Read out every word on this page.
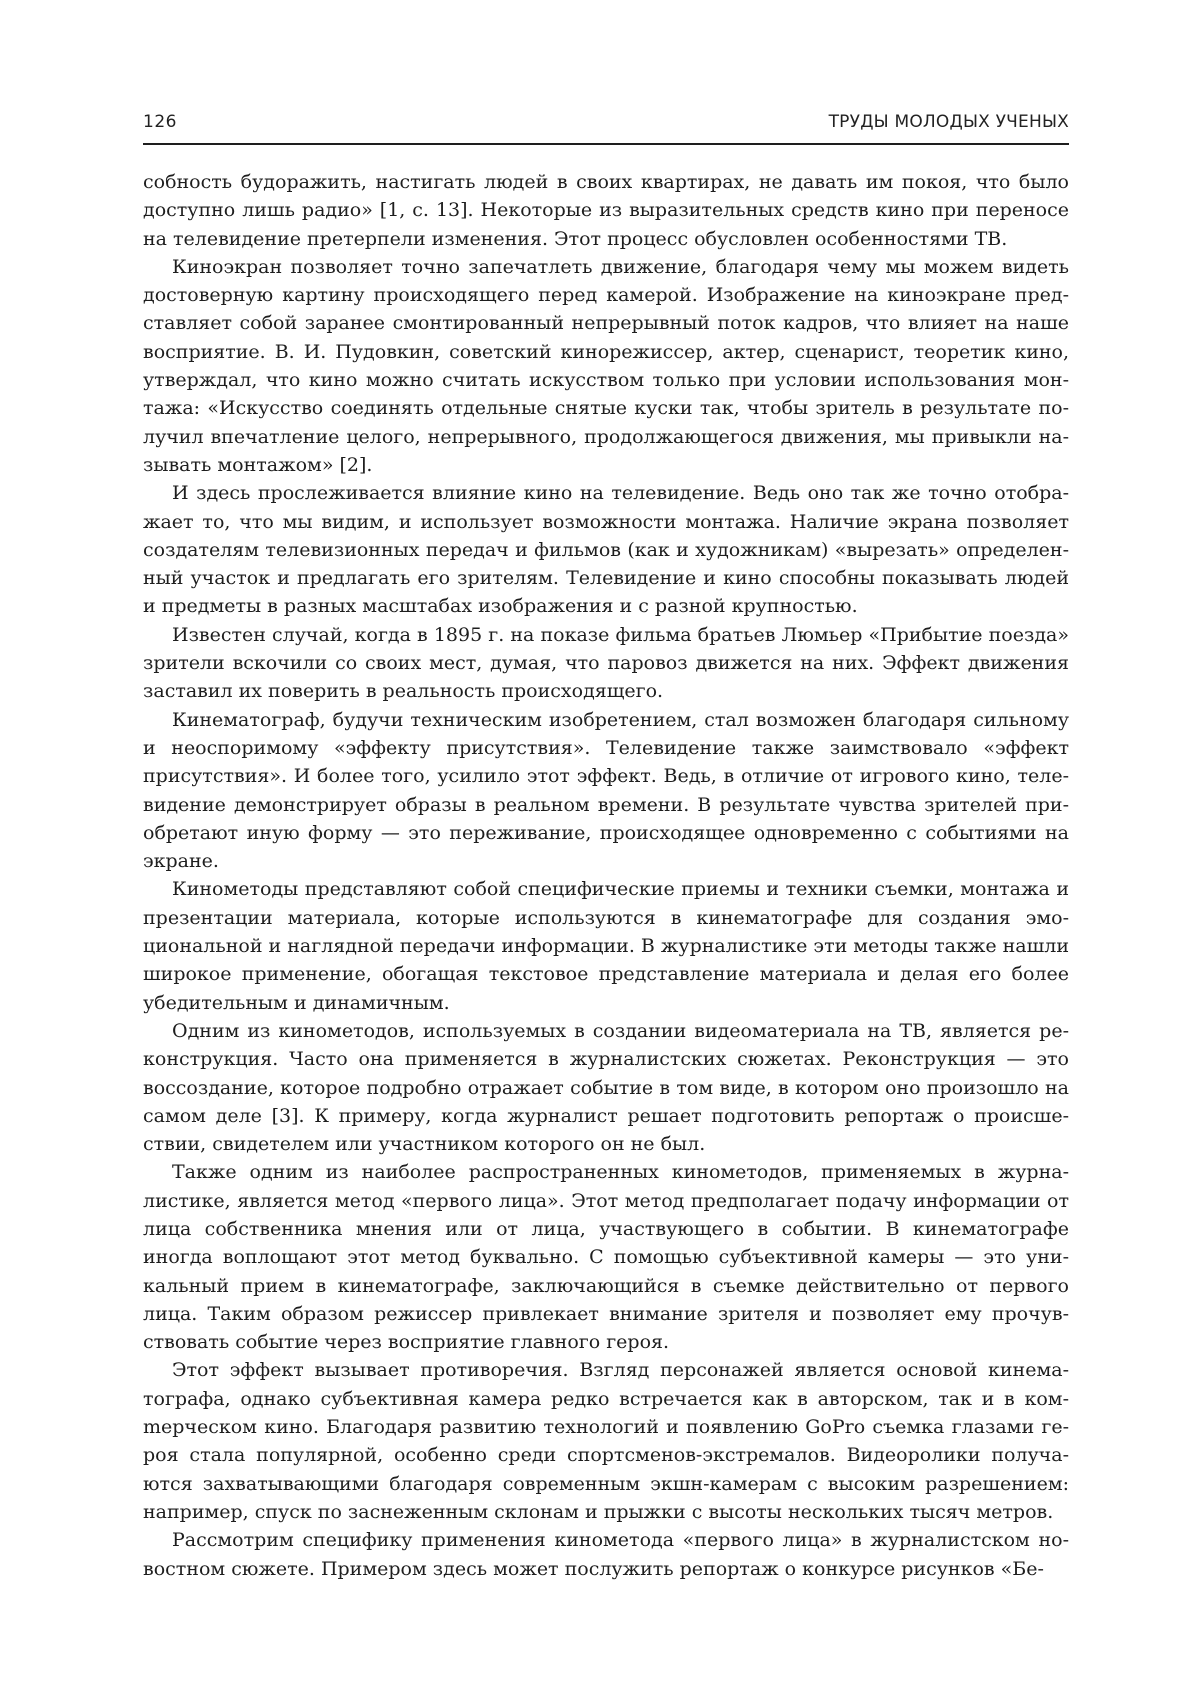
126	ТРУДЫ МОЛОДЫХ УЧЕНЫХ

собность будоражить, настигать людей в своих квартирах, не давать им покоя, что было доступно лишь радио» [1, с. 13]. Некоторые из выразительных средств кино при переносе на телевидение претерпели изменения. Этот процесс обусловлен особенностями ТВ.

Киноэкран позволяет точно запечатлеть движение, благодаря чему мы можем видеть достоверную картину происходящего перед камерой. Изображение на киноэкране представляет собой заранее смонтированный непрерывный поток кадров, что влияет на наше восприятие. В. И. Пудовкин, советский кинорежиссер, актер, сценарист, теоретик кино, утверждал, что кино можно считать искусством только при условии использования монтажа: «Искусство соединять отдельные снятые куски так, чтобы зритель в результате получил впечатление целого, непрерывного, продолжающегося движения, мы привыкли называть монтажом» [2].

И здесь прослеживается влияние кино на телевидение. Ведь оно так же точно отображает то, что мы видим, и использует возможности монтажа. Наличие экрана позволяет создателям телевизионных передач и фильмов (как и художникам) «вырезать» определенный участок и предлагать его зрителям. Телевидение и кино способны показывать людей и предметы в разных масштабах изображения и с разной крупностью.

Известен случай, когда в 1895 г. на показе фильма братьев Люмьер «Прибытие поезда» зрители вскочили со своих мест, думая, что паровоз движется на них. Эффект движения заставил их поверить в реальность происходящего.

Кинематограф, будучи техническим изобретением, стал возможен благодаря сильному и неоспоримому «эффекту присутствия». Телевидение также заимствовало «эффект присутствия». И более того, усилило этот эффект. Ведь, в отличие от игрового кино, телевидение демонстрирует образы в реальном времени. В результате чувства зрителей приобретают иную форму — это переживание, происходящее одновременно с событиями на экране.

Кинометоды представляют собой специфические приемы и техники съемки, монтажа и презентации материала, которые используются в кинематографе для создания эмоциональной и наглядной передачи информации. В журналистике эти методы также нашли широкое применение, обогащая текстовое представление материала и делая его более убедительным и динамичным.

Одним из кинометодов, используемых в создании видеоматериала на ТВ, является реконструкция. Часто она применяется в журналистских сюжетах. Реконструкция — это воссоздание, которое подробно отражает событие в том виде, в котором оно произошло на самом деле [3]. К примеру, когда журналист решает подготовить репортаж о происшествии, свидетелем или участником которого он не был.

Также одним из наиболее распространенных кинометодов, применяемых в журналистике, является метод «первого лица». Этот метод предполагает подачу информации от лица собственника мнения или от лица, участвующего в событии. В кинематографе иногда воплощают этот метод буквально. С помощью субъективной камеры — это уникальный прием в кинематографе, заключающийся в съемке действительно от первого лица. Таким образом режиссер привлекает внимание зрителя и позволяет ему прочувствовать событие через восприятие главного героя.

Этот эффект вызывает противоречия. Взгляд персонажей является основой кинематографа, однако субъективная камера редко встречается как в авторском, так и в комmерческом кино. Благодаря развитию технологий и появлению GoPro съемка глазами героя стала популярной, особенно среди спортсменов-экстремалов. Видеоролики получаются захватывающими благодаря современным экшн-камерам с высоким разрешением: например, спуск по заснеженным склонам и прыжки с высоты нескольких тысяч метров.

Рассмотрим специфику применения кинометода «первого лица» в журналистском новостном сюжете. Примером здесь может послужить репортаж о конкурсе рисунков «Бе-
